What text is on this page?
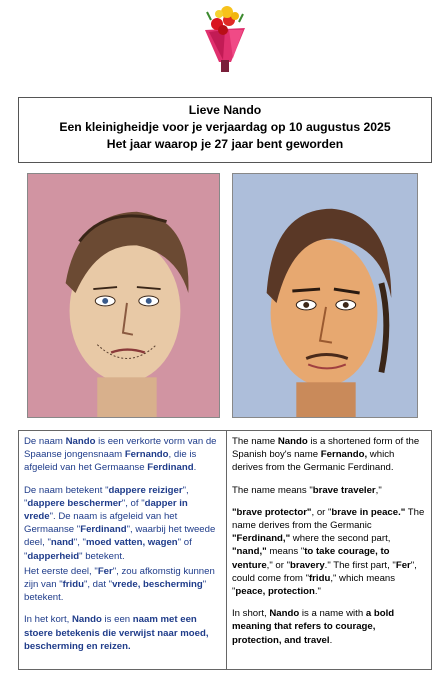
Lieve Nando
Een kleinigheidje voor je verjaardag op 10 augustus 2025
Het jaar waarop je 27 jaar bent geworden

De naam Nando is een verkorte vorm van de Spaanse jongensnaam Fernando, die is afgeleid van het Germaanse Ferdinand.

De naam betekent "dappere reiziger", "dappere beschermer", of "dapper in vrede". De naam is afgeleid van het Germaanse "Ferdinand", waarbij het tweede deel, "nand", "moed vatten, wagen" of "dapperheid" betekent.

Het eerste deel, "Fer", zou afkomstig kunnen zijn van "fridu", dat "vrede, bescherming" betekent.

In het kort, Nando is een naam met een stoere betekenis die verwijst naar moed, bescherming en reizen.

The name Nando is a shortened form of the Spanish boy's name Fernando, which derives from the Germanic Ferdinand.

The name means "brave traveler,"

"brave protector", or "brave in peace." The name derives from the Germanic "Ferdinand," where the second part, "nand," means "to take courage, to venture," or "bravery." The first part, "Fer", could come from "fridu," which means "peace, protection."

In short, Nando is a name with a bold meaning that refers to courage, protection, and travel.
